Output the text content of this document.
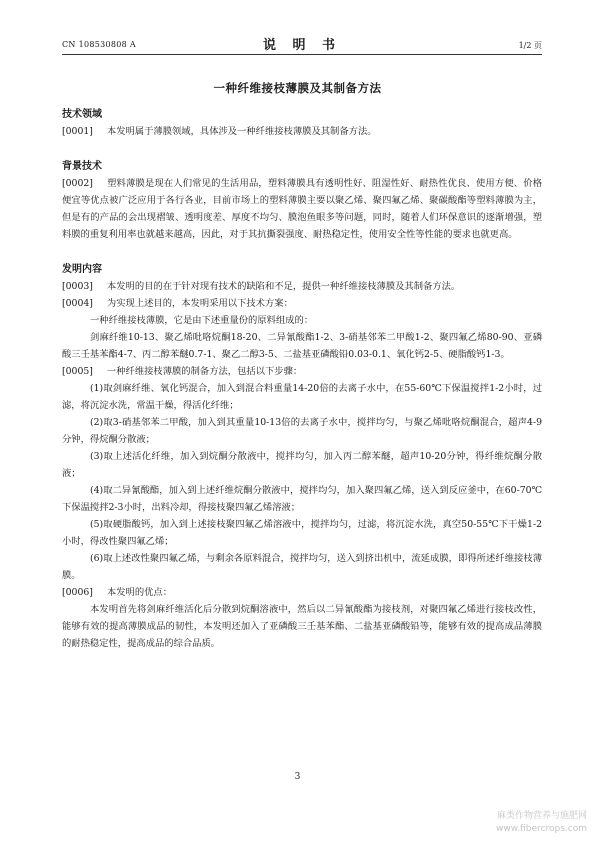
CN 108530808 A	说 明 书	1/2 页
一种纤维接枝薄膜及其制备方法

技术领域

[0001] 本发明属于薄膜领域，具体涉及一种纤维接枝薄膜及其制备方法。

背景技术

[0002] 塑料薄膜是现在人们常见的生活用品，塑料薄膜具有透明性好、阻湿性好、耐热性优良、使用方便、价格便宜等优点被广泛应用于各行各业，目前市场上的塑料薄膜主要以聚乙烯、聚四氟乙烯、聚碳酸酯等塑料薄膜为主，但是有的产品的会出现褶皱、透明度差、厚度不均匀、膜泡鱼眼多等问题，同时，随着人们环保意识的逐渐增强，塑料膜的重复利用率也就越来越高，因此，对于其抗撕裂强度、耐热稳定性，使用安全性等性能的要求也就更高。

发明内容

[0003] 本发明的目的在于针对现有技术的缺陷和不足，提供一种纤维接枝薄膜及其制备方法。

[0004] 为实现上述目的，本发明采用以下技术方案：

一种纤维接枝薄膜，它是由下述重量份的原料组成的：

剑麻纤维10-13、聚乙烯吡咯烷酮18-20、二异氰酸酯1-2、3-硝基邻苯二甲酸1-2、聚四氟乙烯80-90、亚磷酸三壬基苯酯4-7、丙二醇苯醚0.7-1、聚乙二醇3-5、二盐基亚磷酸铅0.03-0.1、氧化钙2-5、硬脂酸钙1-3。

[0005] 一种纤维接枝薄膜的制备方法，包括以下步骤：

(1)取剑麻纤维、氧化钙混合，加入到混合料重量14-20倍的去离子水中，在55-60℃下保温搅拌1-2小时，过滤，将沉淀水洗，常温干燥，得活化纤维；

(2)取3-硝基邻苯二甲酸，加入到其重量10-13倍的去离子水中，搅拌均匀，与聚乙烯吡咯烷酮混合，超声4-9分钟，得烷酮分散液；

(3)取上述活化纤维，加入到烷酮分散液中，搅拌均匀，加入丙二醇苯醚，超声10-20分钟，得纤维烷酮分散液；

(4)取二异氰酸酯，加入到上述纤维烷酮分散液中，搅拌均匀，加入聚四氟乙烯，送入到反应釜中，在60-70℃下保温搅拌2-3小时，出料冷却，得接枝聚四氟乙烯溶液；

(5)取硬脂酸钙，加入到上述接枝聚四氟乙烯溶液中，搅拌均匀，过滤，将沉淀水洗，真空50-55℃下干燥1-2小时，得改性聚四氟乙烯；

(6)取上述改性聚四氟乙烯，与剩余各原料混合，搅拌均匀，送入到挤出机中，流延成膜，即得所述纤维接枝薄膜。

[0006] 本发明的优点：

本发明首先将剑麻纤维活化后分散到烷酮溶液中，然后以二异氰酸酯为接枝剂，对聚四氟乙烯进行接枝改性，能够有效的提高薄膜成品的韧性，本发明还加入了亚磷酸三壬基苯酯、二盐基亚磷酸铅等，能够有效的提高成品薄膜的耐热稳定性，提高成品的综合品质。

3
麻类作物营养与施肥网
www.fibercrops.com
